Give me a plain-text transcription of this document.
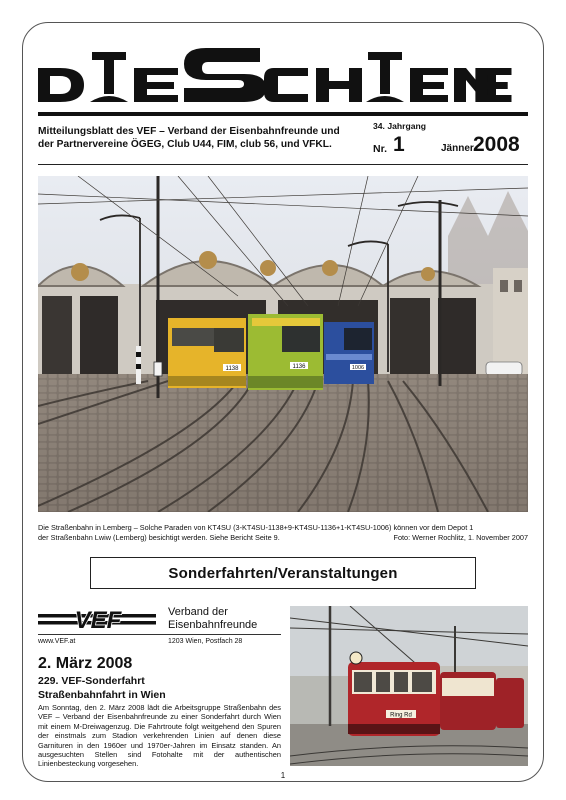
Mitteilungsblatt des VEF – Verband der Eisenbahnfreunde und
der Partnervereine ÖGEG, Club U44, FIM, club 56, und VFKL.
34. Jahrgang
Nr. 1	Jänner 2008
1138	1136	1006
Die Straßenbahn in Lemberg – Solche Paraden von KT4SU (3-KT4SU-1138+9-KT4SU-1136+1-KT4SU-1006) können vor dem Depot 1
der Straßenbahn Lwiw (Lemberg) besichtigt werden. Siehe Bericht Seite 9.	Foto: Werner Rochlitz, 1. November 2007
Sonderfahrten/Veranstaltungen
VEF	Verband der
Eisenbahnfreunde
www.VEF.at	1203 Wien, Postfach 28
2. März 2008
229. VEF-Sonderfahrt
Straßenbahnfahrt in Wien
Am Sonntag, den 2. März 2008 lädt die Arbeitsgruppe Straßenbahn des VEF – Verband der Eisenbahnfreunde zu einer Sonderfahrt durch Wien mit einem M-Dreiwagenzug. Die Fahrtroute folgt weitgehend den Spuren der einstmals zum Stadion verkehrenden Linien auf denen diese Garnituren in den 1960er und 1970er-Jahren im Einsatz standen. An ausgesuchten Stellen sind Fotohalte mit der authentischen Linienbesteckung vorgesehen.
Ring Rd
1
